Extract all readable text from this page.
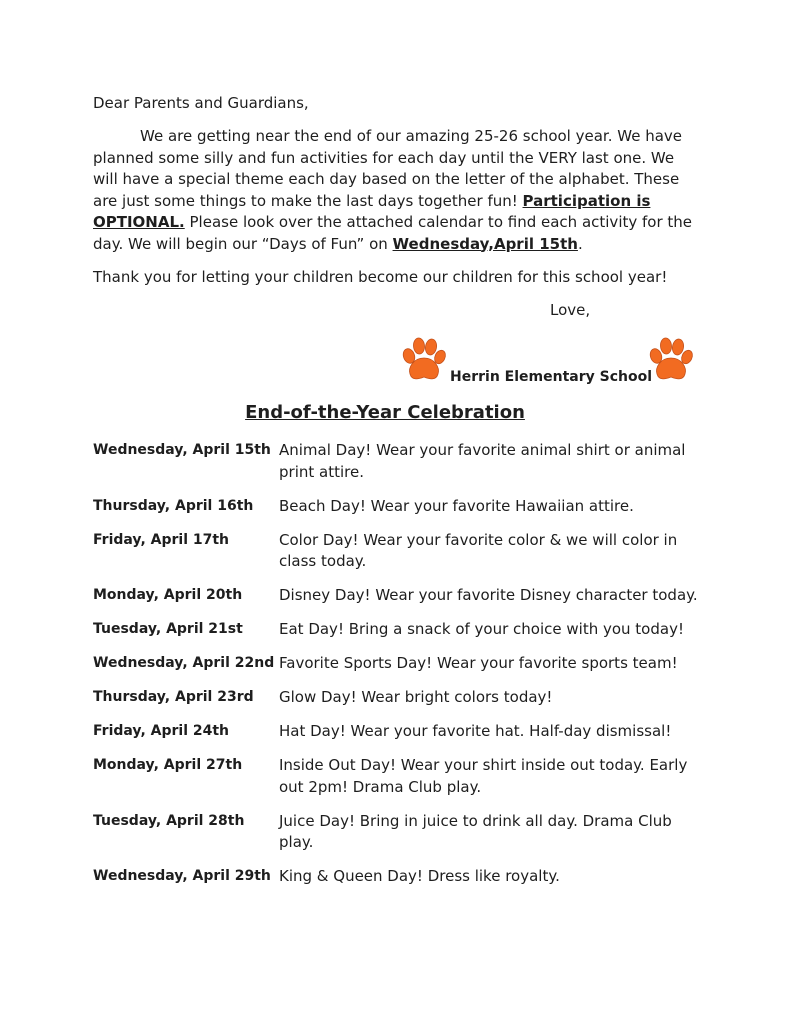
Dear Parents and Guardians,

We are getting near the end of our amazing 25-26 school year. We have planned some silly and fun activities for each day until the VERY last one. We will have a special theme each day based on the letter of the alphabet. These are just some things to make the last days together fun! Participation is OPTIONAL. Please look over the attached calendar to find each activity for the day. We will begin our “Days of Fun” on Wednesday,April 15th.

Thank you for letting your children become our children for this school year!
Love,
Herrin Elementary School
End-of-the-Year Celebration
Wednesday, April 15th Animal Day! Wear your favorite animal shirt or animal print attire.
Thursday, April 16th	Beach Day! Wear your favorite Hawaiian attire.
Friday, April 17th	Color Day! Wear your favorite color & we will color in class today.
Monday, April 20th	Disney Day! Wear your favorite Disney character today.
Tuesday, April 21st	Eat Day! Bring a snack of your choice with you today!
Wednesday, April 22nd Favorite Sports Day! Wear your favorite sports team!
Thursday, April 23rd	Glow Day! Wear bright colors today!
Friday, April 24th	Hat Day! Wear your favorite hat. Half-day dismissal!
Monday, April 27th	Inside Out Day! Wear your shirt inside out today. Early out 2pm! Drama Club play.
Tuesday, April 28th	Juice Day! Bring in juice to drink all day. Drama Club play.
Wednesday, April 29th King & Queen Day! Dress like royalty.
